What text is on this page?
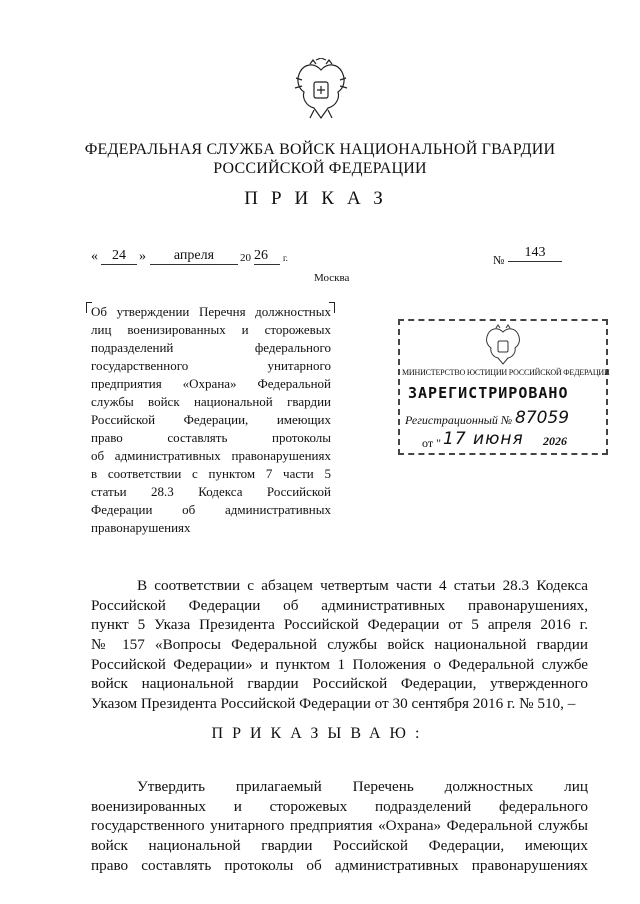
ФЕДЕРАЛЬНАЯ СЛУЖБА ВОЙСК НАЦИОНАЛЬНОЙ ГВАРДИИ
РОССИЙСКОЙ ФЕДЕРАЦИИ
ПРИКАЗ
«	24 »	апреля	20 26	г.	№	143
Москва
Об утверждении Перечня должностных
лиц военизированных и сторожевых
подразделений федерального
государственного унитарного
предприятия «Охрана» Федеральной
службы войск национальной гвардии
Российской Федерации, имеющих
право составлять протоколы
об административных правонарушениях
в соответствии с пунктом 7 части 5
статьи 28.3 Кодекса Российской
Федерации об административных
правонарушениях
МИНИСТЕРСТВО ЮСТИЦИИ РОССИЙСКОЙ ФЕДЕРАЦИИ
ЗАРЕГИСТРИРОВАНО
Регистрационный № 87059
от " 17 июня 2026
В соответствии с абзацем четвертым части 4 статьи 28.3 Кодекса
Российской Федерации об административных правонарушениях,
пункт 5 Указа Президента Российской Федерации от 5 апреля 2016 г.
№ 157 «Вопросы Федеральной службы войск национальной гвардии
Российской Федерации» и пунктом 1 Положения о Федеральной службе
войск национальной гвардии Российской Федерации, утвержденного
Указом Президента Российской Федерации от 30 сентября 2016 г. № 510, –
ПРИКАЗЫВАЮ:
Утвердить прилагаемый Перечень должностных лиц
военизированных и сторожевых подразделений федерального
государственного унитарного предприятия «Охрана» Федеральной службы
войск национальной гвардии Российской Федерации, имеющих
право составлять протоколы об административных правонарушениях
